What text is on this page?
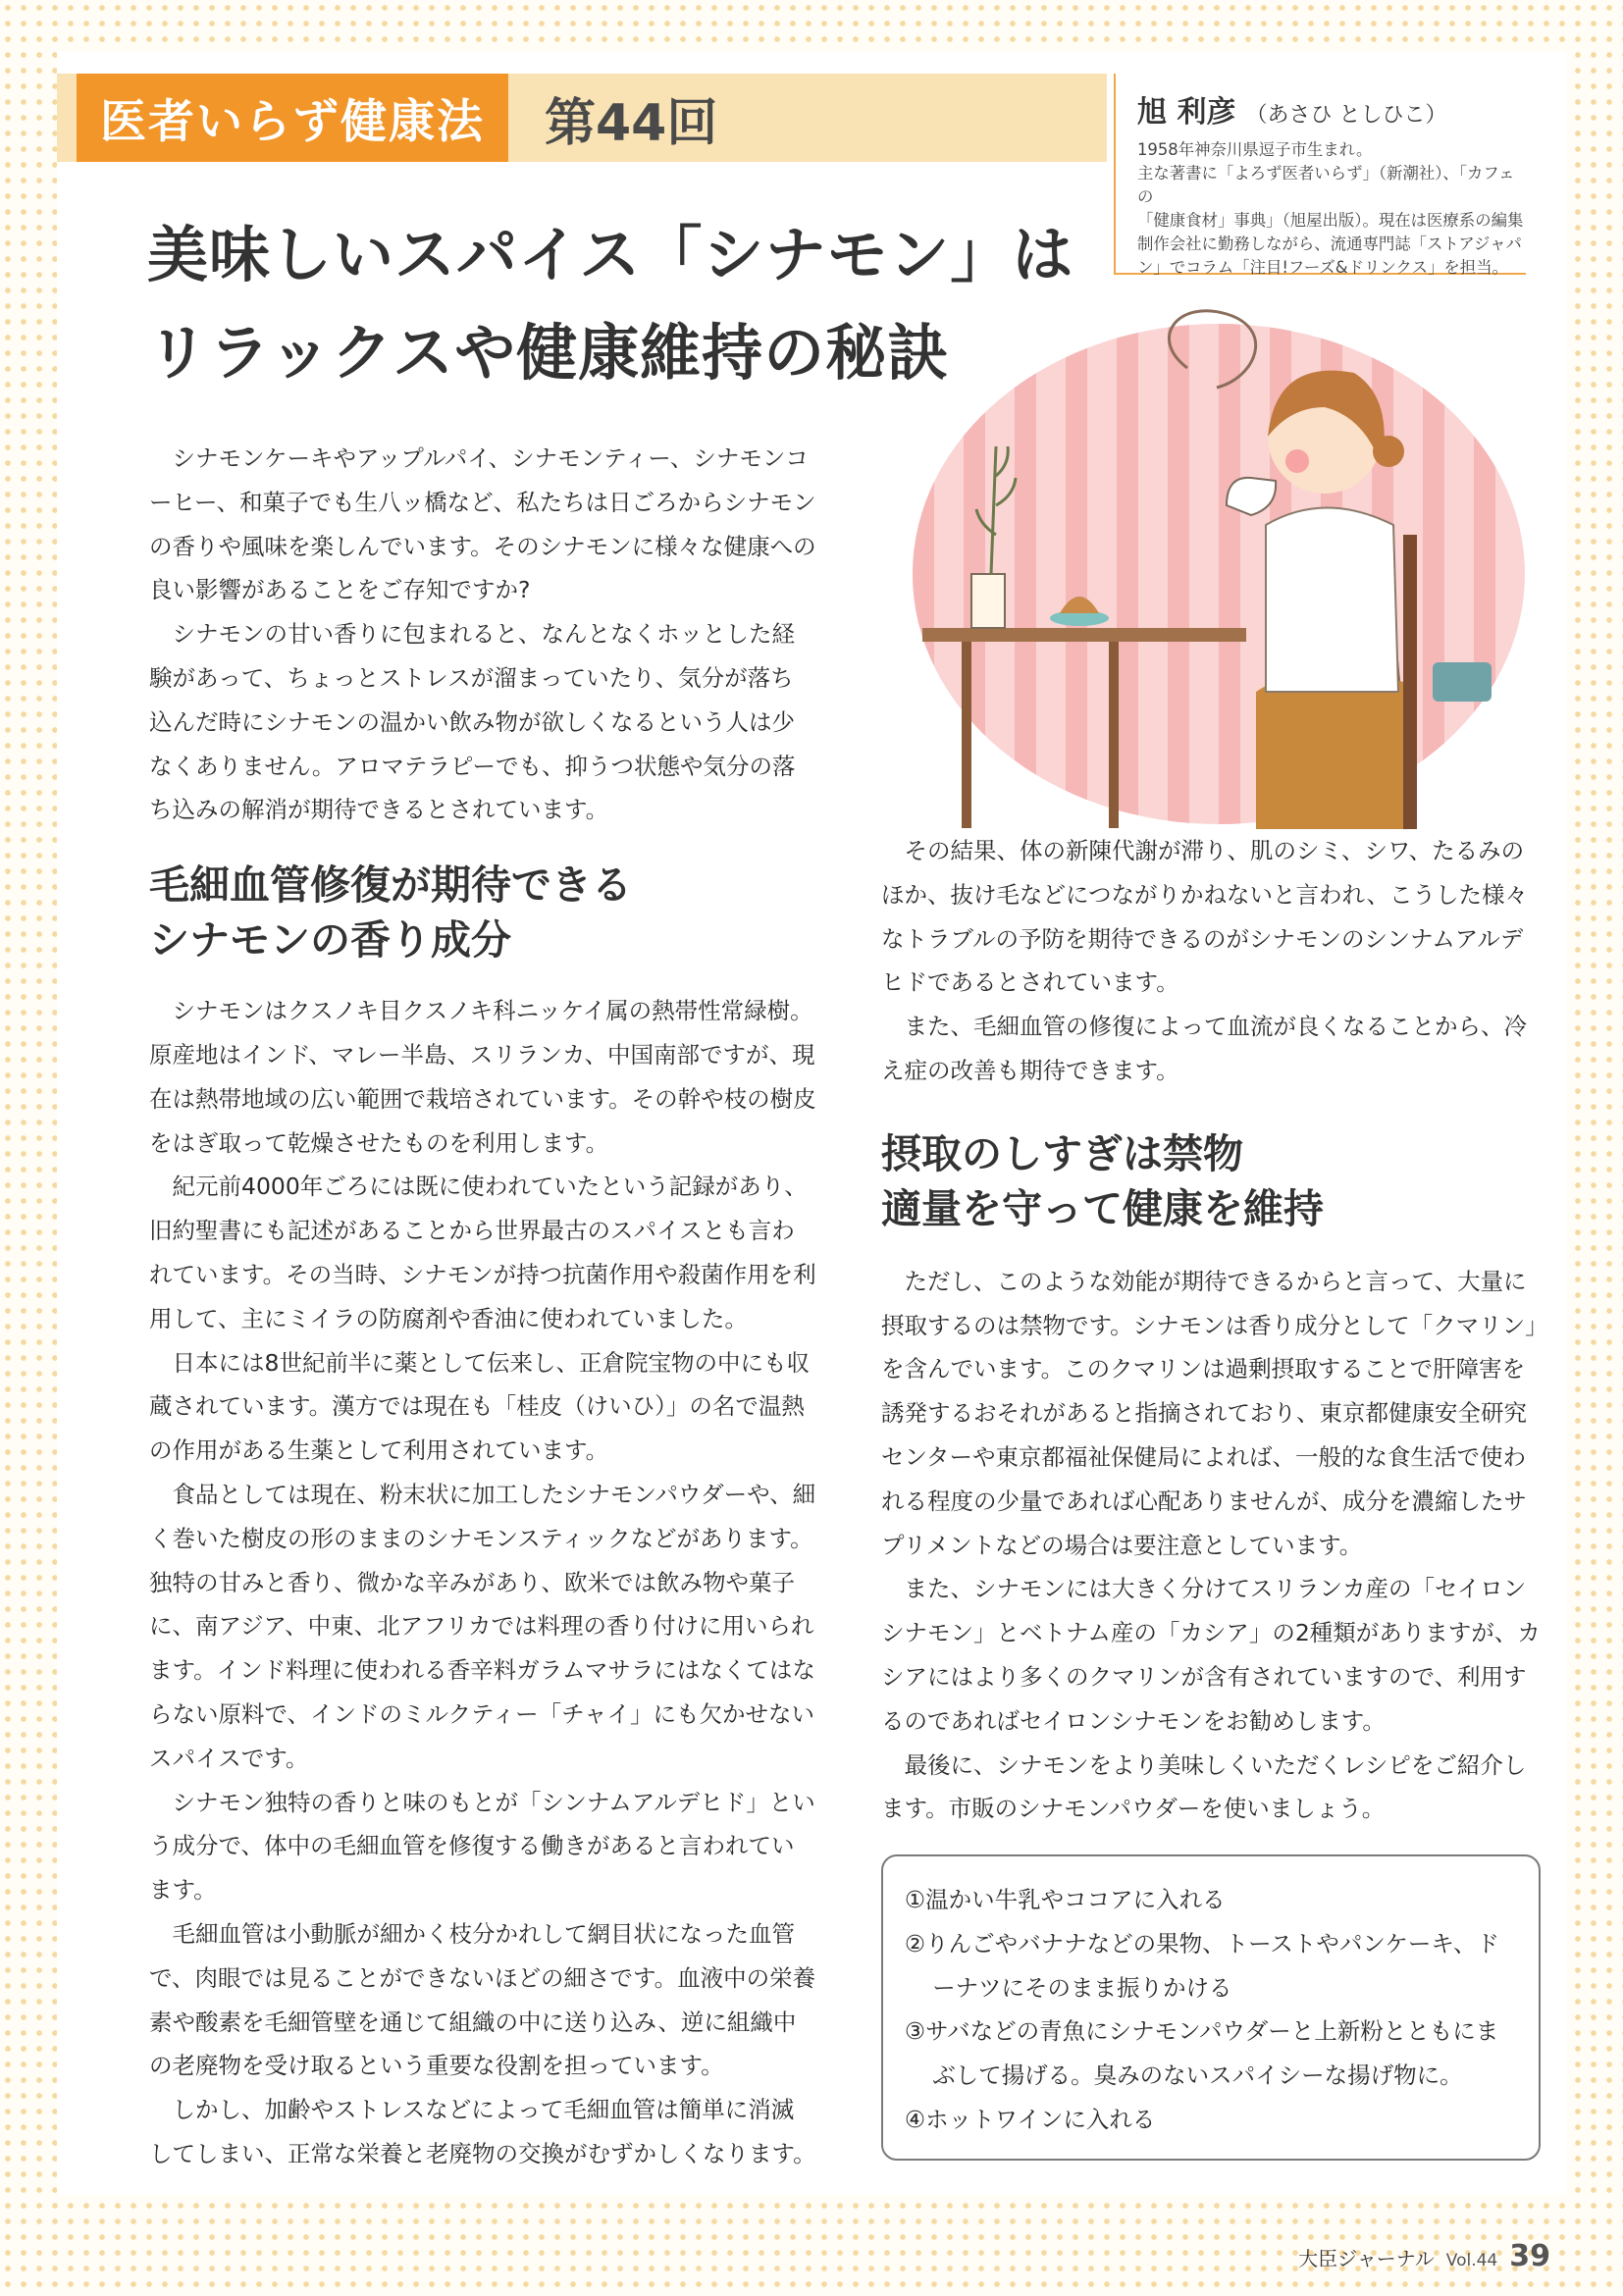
医者いらず健康法	第44回	旭 利彦 （あさひ としひこ）
1958年神奈川県逗子市生まれ。
主な著書に「よろず医者いらず」（新潮社）、「カフェの
「健康食材」事典」（旭屋出版）。現在は医療系の編集
制作会社に勤務しながら、流通専門誌「ストアジャパ
ン」でコラム「注目!フーズ&ドリンクス」を担当。
美味しいスパイス「シナモン」は
リラックスや健康維持の秘訣

シナモンケーキやアップルパイ、シナモンティー、シナモンコーヒー、和菓子でも生八ッ橋など、私たちは日ごろからシナモンの香りや風味を楽しんでいます。そのシナモンに様々な健康への良い影響があることをご存知ですか?

シナモンの甘い香りに包まれると、なんとなくホッとした経験があって、ちょっとストレスが溜まっていたり、気分が落ち込んだ時にシナモンの温かい飲み物が欲しくなるという人は少なくありません。アロマテラピーでも、抑うつ状態や気分の落ち込みの解消が期待できるとされています。

毛細血管修復が期待できる
シナモンの香り成分

シナモンはクスノキ目クスノキ科ニッケイ属の熱帯性常緑樹。原産地はインド、マレー半島、スリランカ、中国南部ですが、現在は熱帯地域の広い範囲で栽培されています。その幹や枝の樹皮をはぎ取って乾燥させたものを利用します。

紀元前4000年ごろには既に使われていたという記録があり、旧約聖書にも記述があることから世界最古のスパイスとも言われています。その当時、シナモンが持つ抗菌作用や殺菌作用を利用して、主にミイラの防腐剤や香油に使われていました。

日本には8世紀前半に薬として伝来し、正倉院宝物の中にも収蔵されています。漢方では現在も「桂皮（けいひ）」の名で温熱の作用がある生薬として利用されています。

食品としては現在、粉末状に加工したシナモンパウダーや、細く巻いた樹皮の形のままのシナモンスティックなどがあります。独特の甘みと香り、微かな辛みがあり、欧米では飲み物や菓子に、南アジア、中東、北アフリカでは料理の香り付けに用いられます。インド料理に使われる香辛料ガラムマサラにはなくてはならない原料で、インドのミルクティー「チャイ」にも欠かせないスパイスです。

シナモン独特の香りと味のもとが「シンナムアルデヒド」という成分で、体中の毛細血管を修復する働きがあると言われています。

毛細血管は小動脈が細かく枝分かれして網目状になった血管で、肉眼では見ることができないほどの細さです。血液中の栄養素や酸素を毛細管壁を通じて組織の中に送り込み、逆に組織中の老廃物を受け取るという重要な役割を担っています。

しかし、加齢やストレスなどによって毛細血管は簡単に消滅してしまい、正常な栄養と老廃物の交換がむずかしくなります。

その結果、体の新陳代謝が滞り、肌のシミ、シワ、たるみのほか、抜け毛などにつながりかねないと言われ、こうした様々なトラブルの予防を期待できるのがシナモンのシンナムアルデヒドであるとされています。

また、毛細血管の修復によって血流が良くなることから、冷え症の改善も期待できます。

摂取のしすぎは禁物
適量を守って健康を維持

ただし、このような効能が期待できるからと言って、大量に摂取するのは禁物です。シナモンは香り成分として「クマリン」を含んでいます。このクマリンは過剰摂取することで肝障害を誘発するおそれがあると指摘されており、東京都健康安全研究センターや東京都福祉保健局によれば、一般的な食生活で使われる程度の少量であれば心配ありませんが、成分を濃縮したサプリメントなどの場合は要注意としています。

また、シナモンには大きく分けてスリランカ産の「セイロンシナモン」とベトナム産の「カシア」の2種類がありますが、カシアにはより多くのクマリンが含有されていますので、利用するのであればセイロンシナモンをお勧めします。

最後に、シナモンをより美味しくいただくレシピをご紹介します。市販のシナモンパウダーを使いましょう。

①温かい牛乳やココアに入れる
②りんごやバナナなどの果物、トーストやパンケーキ、ドーナツにそのまま振りかける
③サバなどの青魚にシナモンパウダーと上新粉とともにまぶして揚げる。臭みのないスパイシーな揚げ物に。
④ホットワインに入れる
大臣ジャーナル Vol.44 39
